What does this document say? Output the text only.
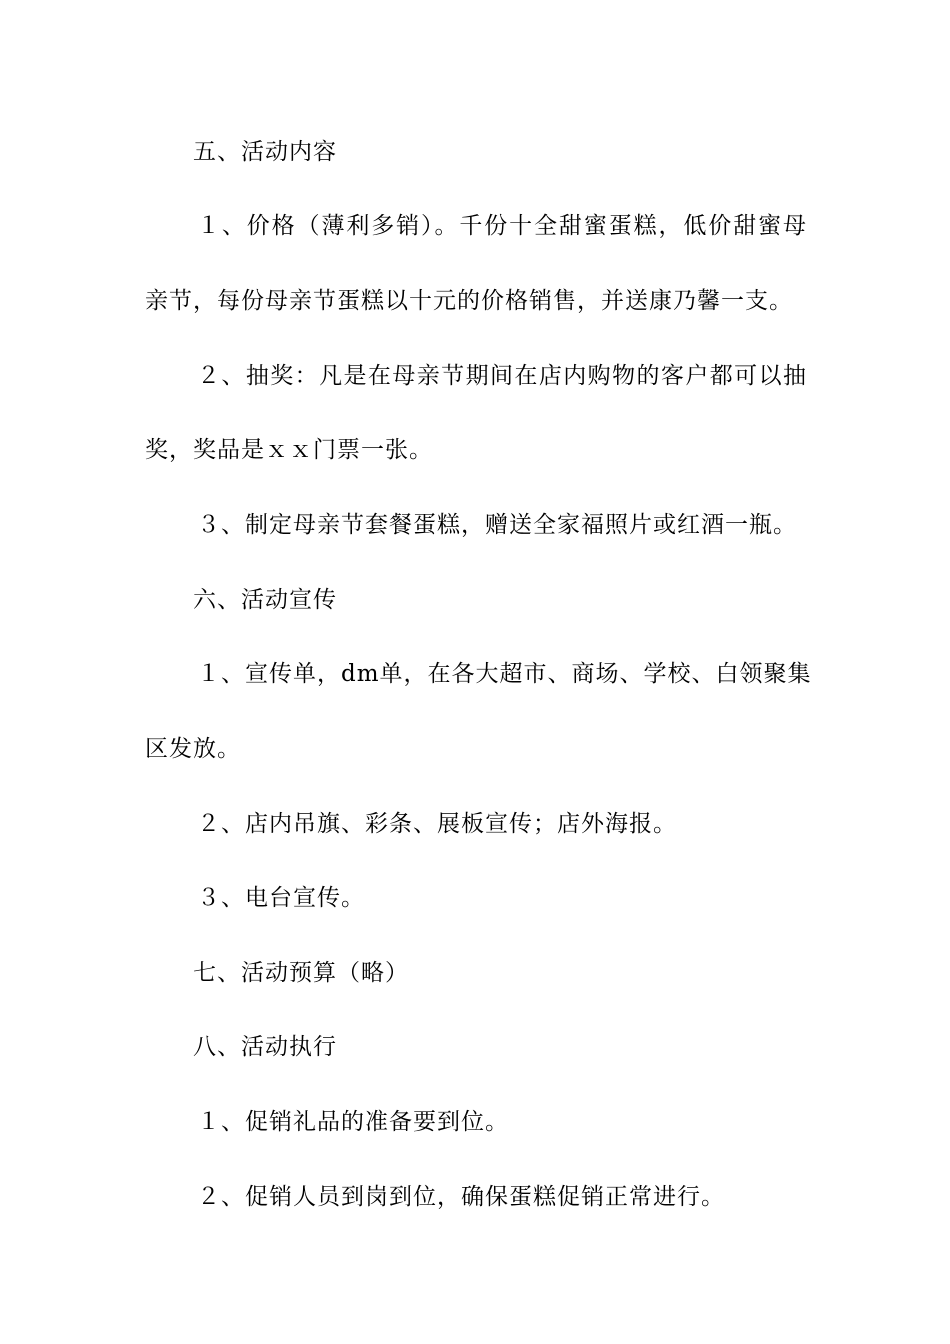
五、活动内容
１、价格（薄利多销）。千份十全甜蜜蛋糕，低价甜蜜母
亲节，每份母亲节蛋糕以十元的价格销售，并送康乃馨一支。
２、抽奖：凡是在母亲节期间在店内购物的客户都可以抽
奖，奖品是ｘｘ门票一张。
３、制定母亲节套餐蛋糕，赠送全家福照片或红酒一瓶。
六、活动宣传
１、宣传单，dm单，在各大超市、商场、学校、白领聚集
区发放。
２、店内吊旗、彩条、展板宣传；店外海报。
３、电台宣传。
七、活动预算（略）
八、活动执行
１、促销礼品的准备要到位。
２、促销人员到岗到位，确保蛋糕促销正常进行。
